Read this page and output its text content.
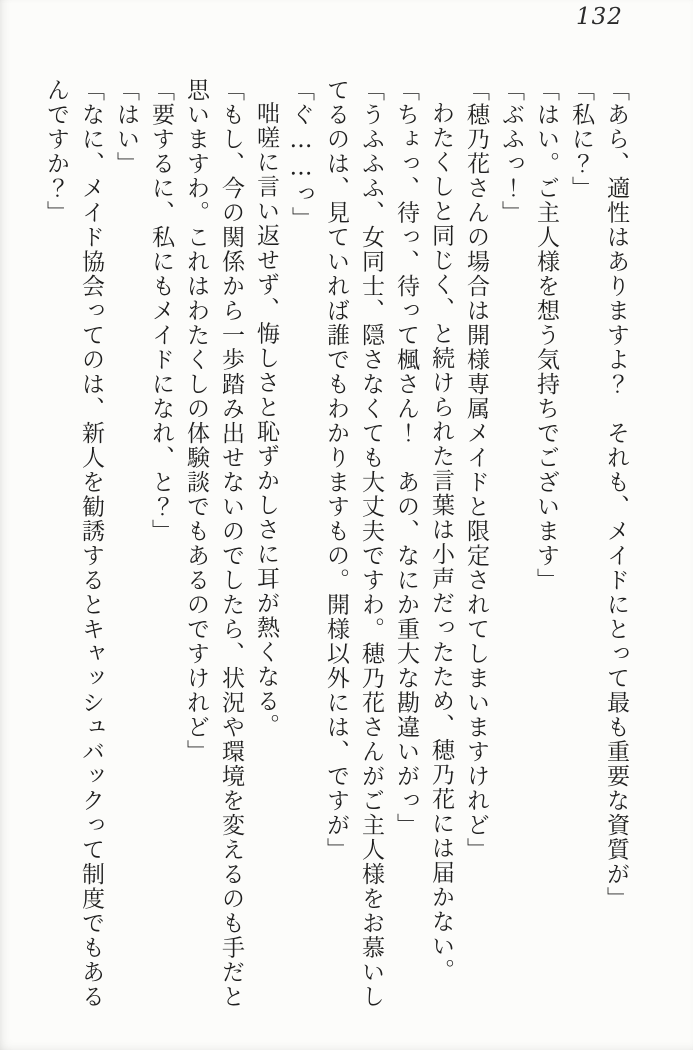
132

「あら、適性はありますよ？　それも、メイドにとって最も重要な資質が」

「私に？」

「はい。ご主人様を想う気持ちでございます」

「ぶふっ！」

「穂乃花さんの場合は開様専属メイドと限定されてしまいますけれど」

わたくしと同じく、と続けられた言葉は小声だったため、穂乃花には届かない。

「ちょっ、待っ、待って楓さん！　あの、なにか重大な勘違いがっ」

「うふふふ、女同士、隠さなくても大丈夫ですわ。穂乃花さんがご主人様をお慕いしてるのは、見ていれば誰でもわかりますもの。開様以外には、ですが」

「ぐ……っ」

咄嗟に言い返せず、悔しさと恥ずかしさに耳が熱くなる。

「もし、今の関係から一歩踏み出せないのでしたら、状況や環境を変えるのも手だと思いますわ。これはわたくしの体験談でもあるのですけれど」

「要するに、私にもメイドになれ、と？」

「はい」

「なに、メイド協会ってのは、新人を勧誘するとキャッシュバックって制度でもあるんですか？」
